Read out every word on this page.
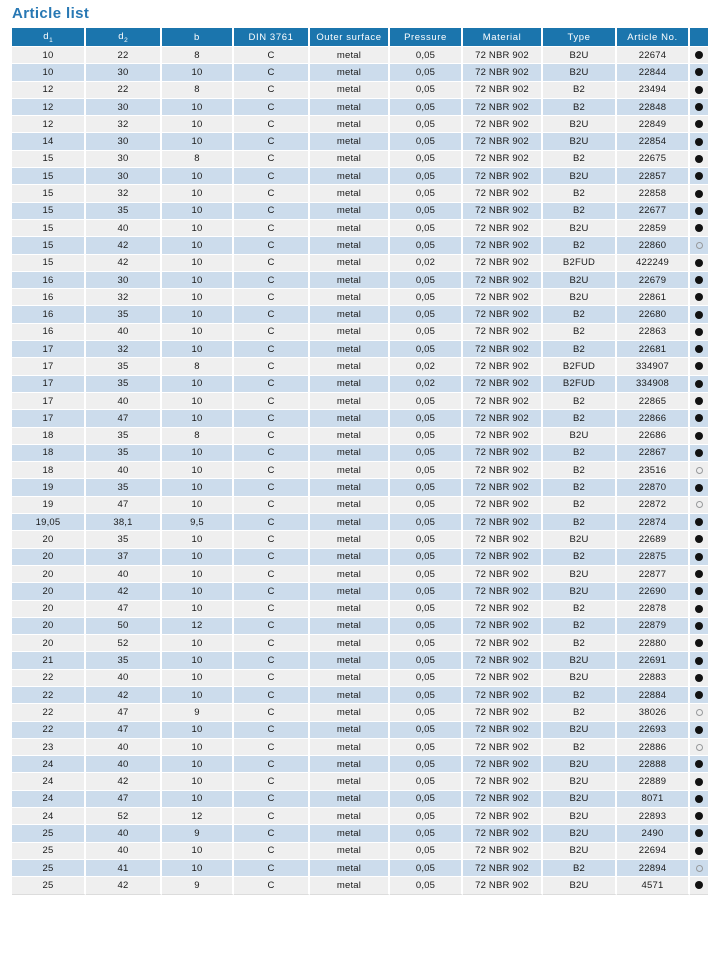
Article list
$d_1$	$d_2$	b	DIN 3761	Outer surface	Pressure	Material	Type	Article No.	
10	22	8	C	metal	0,05	72 NBR 902	B2U	22674	
10	30	10	C	metal	0,05	72 NBR 902	B2U	22844	
12	22	8	C	metal	0,05	72 NBR 902	B2	23494	
12	30	10	C	metal	0,05	72 NBR 902	B2	22848	
12	32	10	C	metal	0,05	72 NBR 902	B2U	22849	
14	30	10	C	metal	0,05	72 NBR 902	B2U	22854	
15	30	8	C	metal	0,05	72 NBR 902	B2	22675	
15	30	10	C	metal	0,05	72 NBR 902	B2U	22857	
15	32	10	C	metal	0,05	72 NBR 902	B2	22858	
15	35	10	C	metal	0,05	72 NBR 902	B2	22677	
15	40	10	C	metal	0,05	72 NBR 902	B2U	22859	
15	42	10	C	metal	0,05	72 NBR 902	B2	22860	
15	42	10	C	metal	0,02	72 NBR 902	B2FUD	422249	
16	30	10	C	metal	0,05	72 NBR 902	B2U	22679	
16	32	10	C	metal	0,05	72 NBR 902	B2U	22861	
16	35	10	C	metal	0,05	72 NBR 902	B2	22680	
16	40	10	C	metal	0,05	72 NBR 902	B2	22863	
17	32	10	C	metal	0,05	72 NBR 902	B2	22681	
17	35	8	C	metal	0,02	72 NBR 902	B2FUD	334907	
17	35	10	C	metal	0,02	72 NBR 902	B2FUD	334908	
17	40	10	C	metal	0,05	72 NBR 902	B2	22865	
17	47	10	C	metal	0,05	72 NBR 902	B2	22866	
18	35	8	C	metal	0,05	72 NBR 902	B2U	22686	
18	35	10	C	metal	0,05	72 NBR 902	B2	22867	
18	40	10	C	metal	0,05	72 NBR 902	B2	23516	
19	35	10	C	metal	0,05	72 NBR 902	B2	22870	
19	47	10	C	metal	0,05	72 NBR 902	B2	22872	
19,05	38,1	9,5	C	metal	0,05	72 NBR 902	B2	22874	
20	35	10	C	metal	0,05	72 NBR 902	B2U	22689	
20	37	10	C	metal	0,05	72 NBR 902	B2	22875	
20	40	10	C	metal	0,05	72 NBR 902	B2U	22877	
20	42	10	C	metal	0,05	72 NBR 902	B2U	22690	
20	47	10	C	metal	0,05	72 NBR 902	B2	22878	
20	50	12	C	metal	0,05	72 NBR 902	B2	22879	
20	52	10	C	metal	0,05	72 NBR 902	B2	22880	
21	35	10	C	metal	0,05	72 NBR 902	B2U	22691	
22	40	10	C	metal	0,05	72 NBR 902	B2U	22883	
22	42	10	C	metal	0,05	72 NBR 902	B2	22884	
22	47	9	C	metal	0,05	72 NBR 902	B2	38026	
22	47	10	C	metal	0,05	72 NBR 902	B2U	22693	
23	40	10	C	metal	0,05	72 NBR 902	B2	22886	
24	40	10	C	metal	0,05	72 NBR 902	B2U	22888	
24	42	10	C	metal	0,05	72 NBR 902	B2U	22889	
24	47	10	C	metal	0,05	72 NBR 902	B2U	8071	
24	52	12	C	metal	0,05	72 NBR 902	B2U	22893	
25	40	9	C	metal	0,05	72 NBR 902	B2U	2490	
25	40	10	C	metal	0,05	72 NBR 902	B2U	22694	
25	41	10	C	metal	0,05	72 NBR 902	B2	22894	
25	42	9	C	metal	0,05	72 NBR 902	B2U	4571	
